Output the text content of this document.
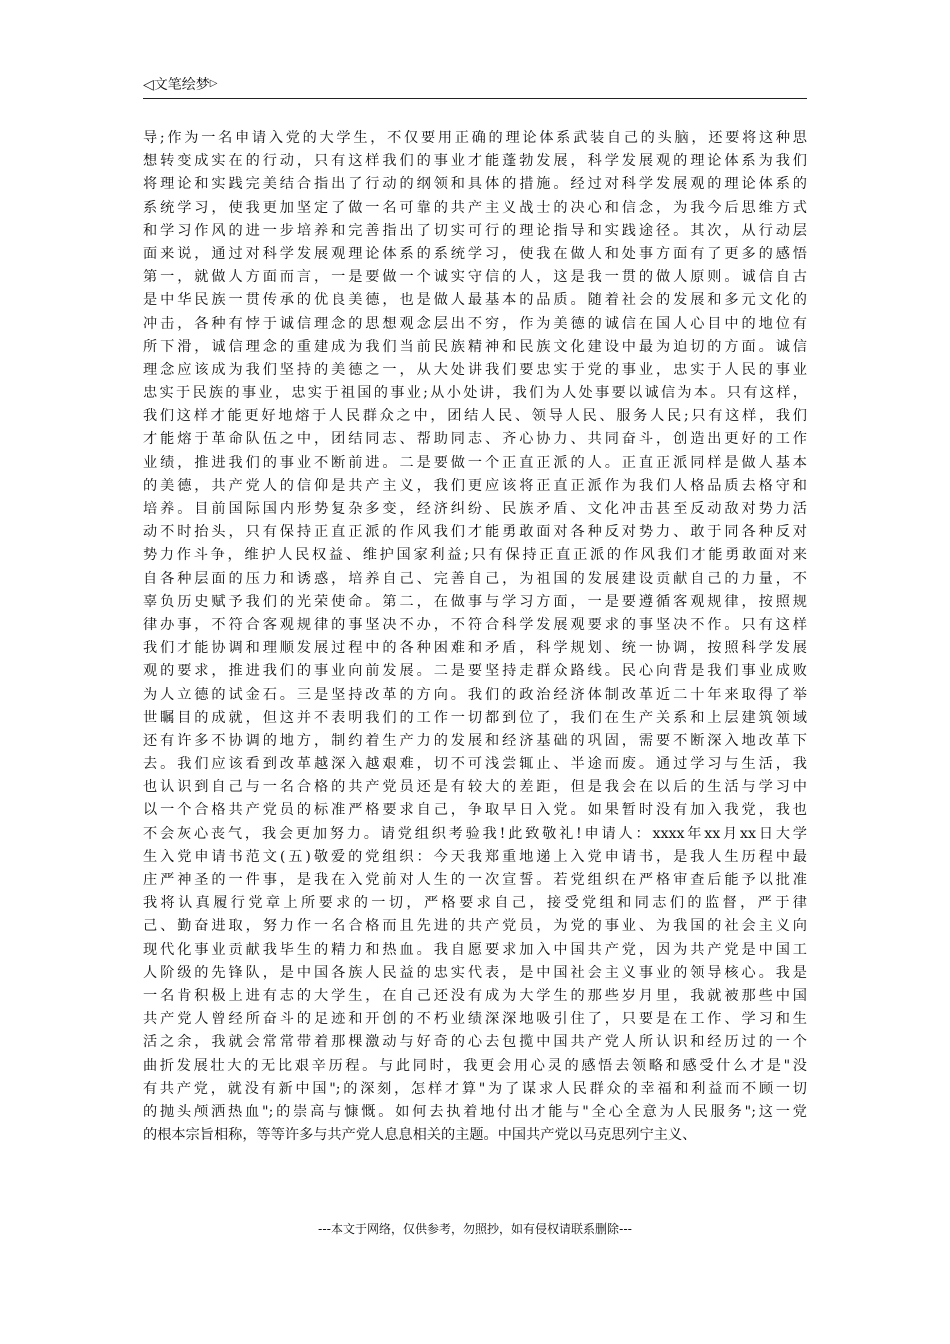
◁文笔绘梦▷
导;作为一名申请入党的大学生，不仅要用正确的理论体系武装自己的头脑，还要将这种思
想转变成实在的行动，只有这样我们的事业才能蓬勃发展，科学发展观的理论体系为我们
将理论和实践完美结合指出了行动的纲领和具体的措施。经过对科学发展观的理论体系的
系统学习，使我更加坚定了做一名可靠的共产主义战士的决心和信念，为我今后思维方式
和学习作风的进一步培养和完善指出了切实可行的理论指导和实践途径。其次，从行动层
面来说，通过对科学发展观理论体系的系统学习，使我在做人和处事方面有了更多的感悟
第一，就做人方面而言，一是要做一个诚实守信的人，这是我一贯的做人原则。诚信自古
是中华民族一贯传承的优良美德，也是做人最基本的品质。随着社会的发展和多元文化的
冲击，各种有悖于诚信理念的思想观念层出不穷，作为美德的诚信在国人心目中的地位有
所下滑，诚信理念的重建成为我们当前民族精神和民族文化建设中最为迫切的方面。诚信
理念应该成为我们坚持的美德之一，从大处讲我们要忠实于党的事业，忠实于人民的事业
忠实于民族的事业，忠实于祖国的事业;从小处讲，我们为人处事要以诚信为本。只有这样，
我们这样才能更好地熔于人民群众之中，团结人民、领导人民、服务人民;只有这样，我们
才能熔于革命队伍之中，团结同志、帮助同志、齐心协力、共同奋斗，创造出更好的工作
业绩，推进我们的事业不断前进。二是要做一个正直正派的人。正直正派同样是做人基本
的美德，共产党人的信仰是共产主义，我们更应该将正直正派作为我们人格品质去格守和
培养。目前国际国内形势复杂多变，经济纠纷、民族矛盾、文化冲击甚至反动敌对势力活
动不时抬头，只有保持正直正派的作风我们才能勇敢面对各种反对势力、敢于同各种反对
势力作斗争，维护人民权益、维护国家利益;只有保持正直正派的作风我们才能勇敢面对来
自各种层面的压力和诱惑，培养自己、完善自己，为祖国的发展建设贡献自己的力量，不
辜负历史赋予我们的光荣使命。第二，在做事与学习方面，一是要遵循客观规律，按照规
律办事，不符合客观规律的事坚决不办，不符合科学发展观要求的事坚决不作。只有这样
我们才能协调和理顺发展过程中的各种困难和矛盾，科学规划、统一协调，按照科学发展
观的要求，推进我们的事业向前发展。二是要坚持走群众路线。民心向背是我们事业成败
为人立德的试金石。三是坚持改革的方向。我们的政治经济体制改革近二十年来取得了举
世瞩目的成就，但这并不表明我们的工作一切都到位了，我们在生产关系和上层建筑领域
还有许多不协调的地方，制约着生产力的发展和经济基础的巩固，需要不断深入地改革下
去。我们应该看到改革越深入越艰难，切不可浅尝辄止、半途而废。通过学习与生活，我
也认识到自己与一名合格的共产党员还是有较大的差距，但是我会在以后的生活与学习中
以一个合格共产党员的标准严格要求自己，争取早日入党。如果暂时没有加入我党，我也
不会灰心丧气，我会更加努力。请党组织考验我!此致敬礼!申请人：xxxx年xx月xx日大学
生入党申请书范文(五)敬爱的党组织：今天我郑重地递上入党申请书，是我人生历程中最
庄严神圣的一件事，是我在入党前对人生的一次宣誓。若党组织在严格审查后能予以批准
我将认真履行党章上所要求的一切，严格要求自己，接受党组和同志们的监督，严于律
己、勤奋进取，努力作一名合格而且先进的共产党员，为党的事业、为我国的社会主义向
现代化事业贡献我毕生的精力和热血。我自愿要求加入中国共产党，因为共产党是中国工
人阶级的先锋队，是中国各族人民益的忠实代表，是中国社会主义事业的领导核心。我是
一名肯积极上进有志的大学生，在自己还没有成为大学生的那些岁月里，我就被那些中国
共产党人曾经所奋斗的足迹和开创的不朽业绩深深地吸引住了，只要是在工作、学习和生
活之余，我就会常常带着那棵激动与好奇的心去包揽中国共产党人所认识和经历过的一个
曲折发展壮大的无比艰辛历程。与此同时，我更会用心灵的感悟去领略和感受什么才是"没
有共产党，就没有新中国";的深刻，怎样才算"为了谋求人民群众的幸福和利益而不顾一切
的抛头颅洒热血";的崇高与慷慨。如何去执着地付出才能与"全心全意为人民服务";这一党
的根本宗旨相称，等等许多与共产党人息息相关的主题。中国共产党以马克思列宁主义、
---本文于网络，仅供参考，勿照抄，如有侵权请联系删除---
